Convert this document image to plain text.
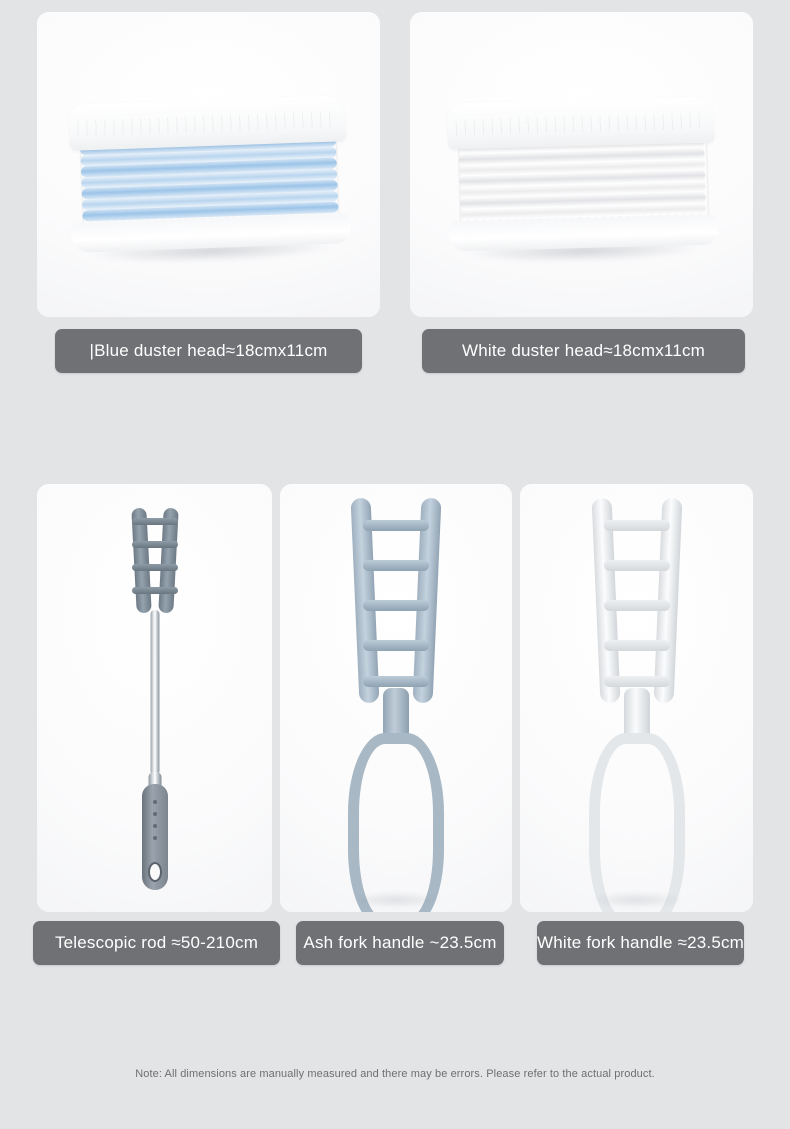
|Blue duster head≈18cmx11cm	White duster head≈18cmx11cm
Telescopic rod ≈50-210cm	Ash fork handle ~23.5cm	White fork handle ≈23.5cm
Note: All dimensions are manually measured and there may be errors. Please refer to the actual product.
